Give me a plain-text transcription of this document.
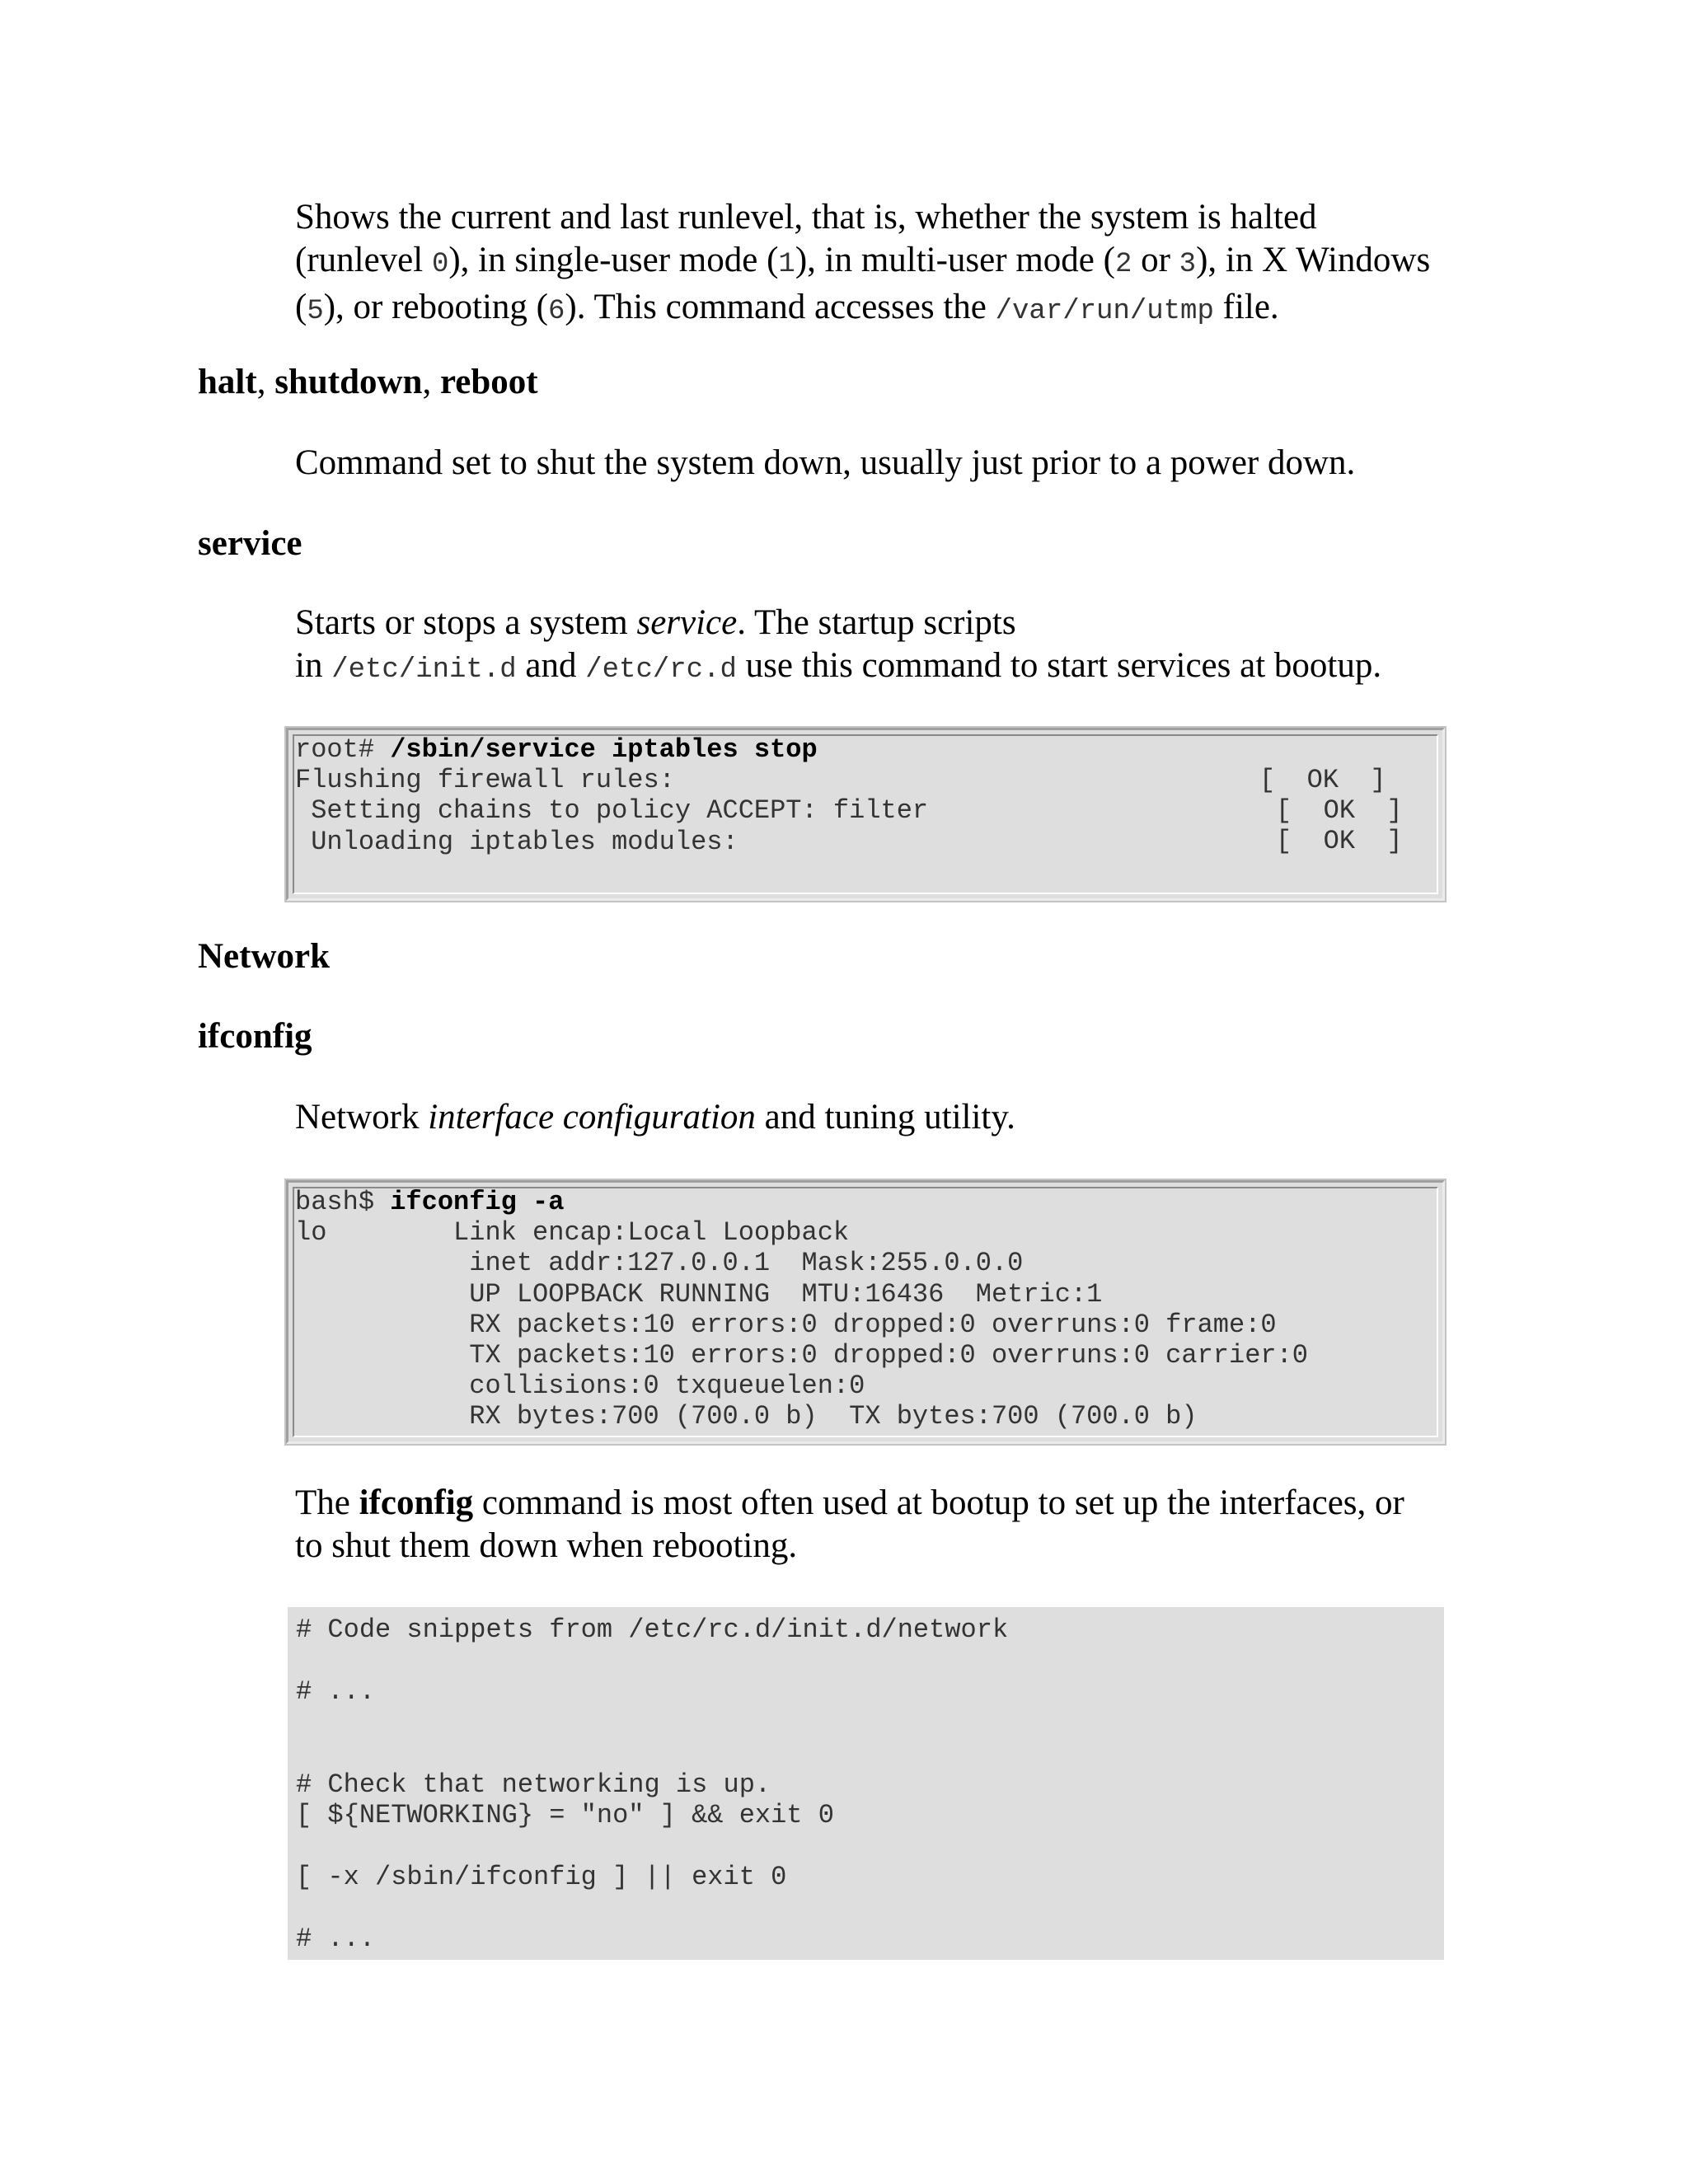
Shows the current and last runlevel, that is, whether the system is halted
(runlevel 0), in single-user mode (1), in multi-user mode (2 or 3), in X Windows
(5), or rebooting (6). This command accesses the /var/run/utmp file.
halt, shutdown, reboot
Command set to shut the system down, usually just prior to a power down.
service
Starts or stops a system service. The startup scripts
in /etc/init.d and /etc/rc.d use this command to start services at bootup.
root# /sbin/service iptables stop
Flushing firewall rules:
Setting chains to policy ACCEPT: filter
Unloading iptables modules:
[  OK  ]
[  OK  ]
[  OK  ]
Network
ifconfig
Network interface configuration and tuning utility.
bash$ ifconfig -a
lo        Link encap:Local Loopback
inet addr:127.0.0.1  Mask:255.0.0.0
UP LOOPBACK RUNNING  MTU:16436  Metric:1
RX packets:10 errors:0 dropped:0 overruns:0 frame:0
TX packets:10 errors:0 dropped:0 overruns:0 carrier:0
collisions:0 txqueuelen:0
RX bytes:700 (700.0 b)  TX bytes:700 (700.0 b)
The ifconfig command is most often used at bootup to set up the interfaces, or
to shut them down when rebooting.
# Code snippets from /etc/rc.d/init.d/network

# ...

# Check that networking is up.
[ ${NETWORKING} = "no" ] && exit 0

[ -x /sbin/ifconfig ] || exit 0

# ...
